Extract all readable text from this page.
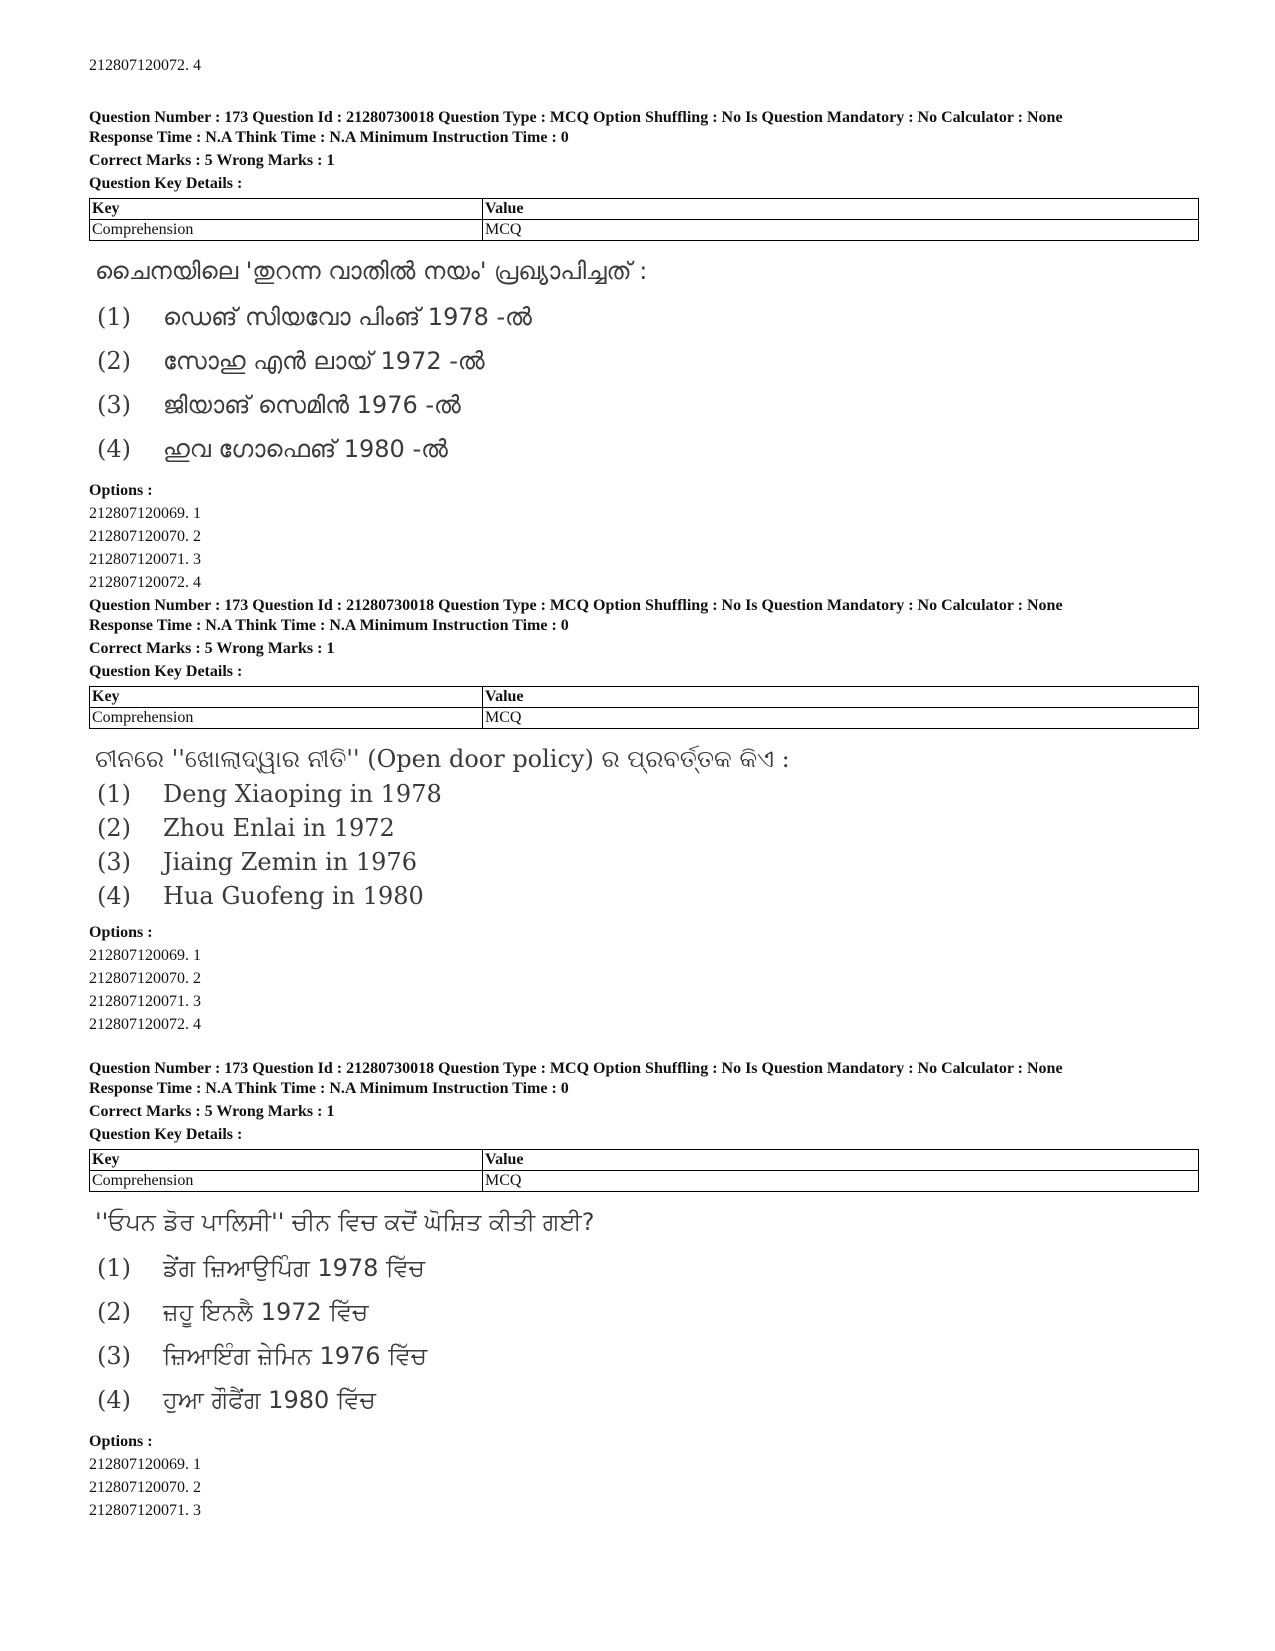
212807120072. 4

Question Number : 173 Question Id : 21280730018 Question Type : MCQ Option Shuffling : No Is Question Mandatory : No Calculator : None

Response Time : N.A Think Time : N.A Minimum Instruction Time : 0

Correct Marks : 5 Wrong Marks : 1

Question Key Details :

Key	Value
Comprehension	MCQ

ചൈനയിലെ 'തുറന്ന വാതിൽ നയം' പ്രഖ്യാപിച്ചത് :

(1)	ഡെങ് സിയവോ പിംങ് 1978 -ൽ
(2)	സോഹു എൻ ലായ് 1972 -ൽ
(3)	ജിയാങ് സെമിൻ 1976 -ൽ
(4)	ഹുവ ഗോഫെങ് 1980 -ൽ

Options :

212807120069. 1

212807120070. 2

212807120071. 3

212807120072. 4

Question Number : 173 Question Id : 21280730018 Question Type : MCQ Option Shuffling : No Is Question Mandatory : No Calculator : None

Response Time : N.A Think Time : N.A Minimum Instruction Time : 0

Correct Marks : 5 Wrong Marks : 1

Question Key Details :

Key	Value
Comprehension	MCQ

ଚୀନରେ ''ଖୋଲାଦ୍ୱାର ନୀତି'' (Open door policy) ର ପ୍ରବର୍ତ୍ତକ କିଏ :

(1)	Deng Xiaoping in 1978
(2)	Zhou Enlai in 1972
(3)	Jiaing Zemin in 1976
(4)	Hua Guofeng in 1980

Options :

212807120069. 1

212807120070. 2

212807120071. 3

212807120072. 4

Question Number : 173 Question Id : 21280730018 Question Type : MCQ Option Shuffling : No Is Question Mandatory : No Calculator : None

Response Time : N.A Think Time : N.A Minimum Instruction Time : 0

Correct Marks : 5 Wrong Marks : 1

Question Key Details :

Key	Value
Comprehension	MCQ

''ਓਪਨ ਡੋਰ ਪਾਲਿਸੀ'' ਚੀਨ ਵਿਚ ਕਦੋਂ ਘੋਸ਼ਿਤ ਕੀਤੀ ਗਈ?

(1)	ਡੇਂਗ ਜ਼ਿਆਉਪਿੰਗ 1978 ਵਿੱਚ
(2)	ਜ਼ਹੂ ਇਨਲੈ 1972 ਵਿੱਚ
(3)	ਜ਼ਿਆਇੰਗ ਜ਼ੇਮਿਨ 1976 ਵਿੱਚ
(4)	ਹੁਆ ਗੌਫੈਂਗ 1980 ਵਿੱਚ

Options :

212807120069. 1

212807120070. 2

212807120071. 3
